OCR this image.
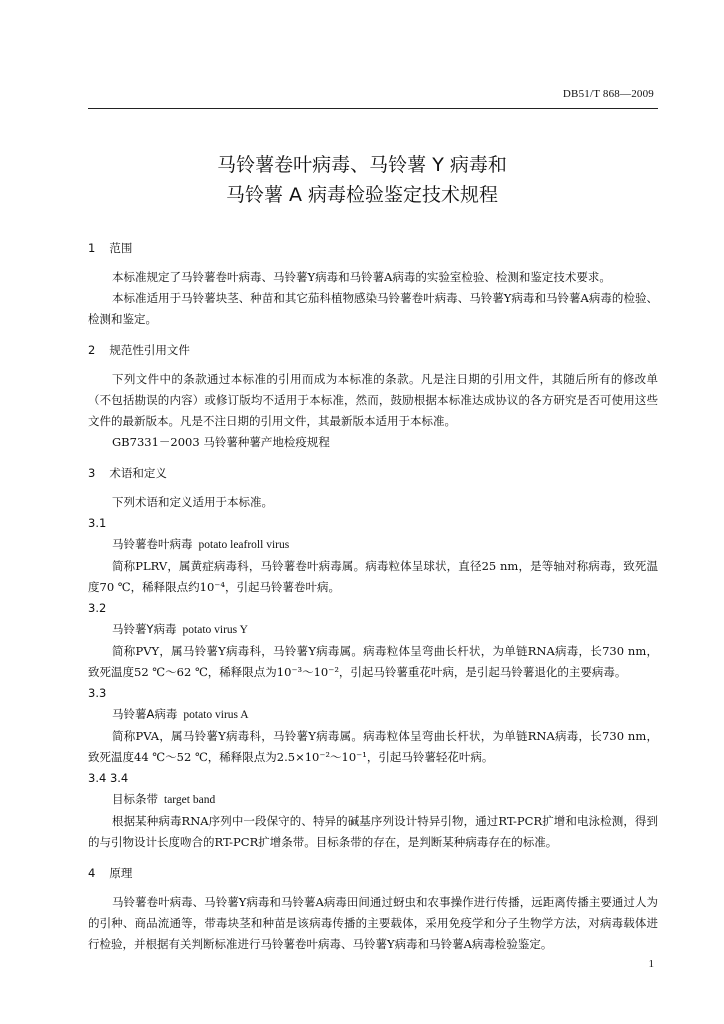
DB51/T 868—2009
马铃薯卷叶病毒、马铃薯 Y 病毒和
马铃薯 A 病毒检验鉴定技术规程

1 范围

本标准规定了马铃薯卷叶病毒、马铃薯Y病毒和马铃薯A病毒的实验室检验、检测和鉴定技术要求。

本标准适用于马铃薯块茎、种苗和其它茄科植物感染马铃薯卷叶病毒、马铃薯Y病毒和马铃薯A病毒的检验、检测和鉴定。

2 规范性引用文件

下列文件中的条款通过本标准的引用而成为本标准的条款。凡是注日期的引用文件，其随后所有的修改单（不包括勘误的内容）或修订版均不适用于本标准，然而，鼓励根据本标准达成协议的各方研究是否可使用这些文件的最新版本。凡是不注日期的引用文件，其最新版本适用于本标准。

GB7331－2003 马铃薯种薯产地检疫规程

3 术语和定义

下列术语和定义适用于本标准。

3.1

马铃薯卷叶病毒 potato leafroll virus

简称PLRV，属黄症病毒科，马铃薯卷叶病毒属。病毒粒体呈球状，直径25 nm，是等轴对称病毒，致死温度70 ℃，稀释限点约10⁻⁴，引起马铃薯卷叶病。

3.2

马铃薯Y病毒 potato virus Y

简称PVY，属马铃薯Y病毒科，马铃薯Y病毒属。病毒粒体呈弯曲长杆状，为单链RNA病毒，长730 nm，致死温度52 ℃～62 ℃，稀释限点为10⁻³～10⁻²，引起马铃薯重花叶病，是引起马铃薯退化的主要病毒。

3.3

马铃薯A病毒 potato virus A

简称PVA，属马铃薯Y病毒科，马铃薯Y病毒属。病毒粒体呈弯曲长杆状，为单链RNA病毒，长730 nm，致死温度44 ℃～52 ℃，稀释限点为2.5×10⁻²～10⁻¹，引起马铃薯轻花叶病。

3.4 3.4

目标条带 target band

根据某种病毒RNA序列中一段保守的、特异的碱基序列设计特异引物，通过RT-PCR扩增和电泳检测，得到的与引物设计长度吻合的RT-PCR扩增条带。目标条带的存在，是判断某种病毒存在的标准。

4 原理

马铃薯卷叶病毒、马铃薯Y病毒和马铃薯A病毒田间通过蚜虫和农事操作进行传播，远距离传播主要通过人为的引种、商品流通等，带毒块茎和种苗是该病毒传播的主要载体，采用免疫学和分子生物学方法，对病毒载体进行检验，并根据有关判断标准进行马铃薯卷叶病毒、马铃薯Y病毒和马铃薯A病毒检验鉴定。

1
